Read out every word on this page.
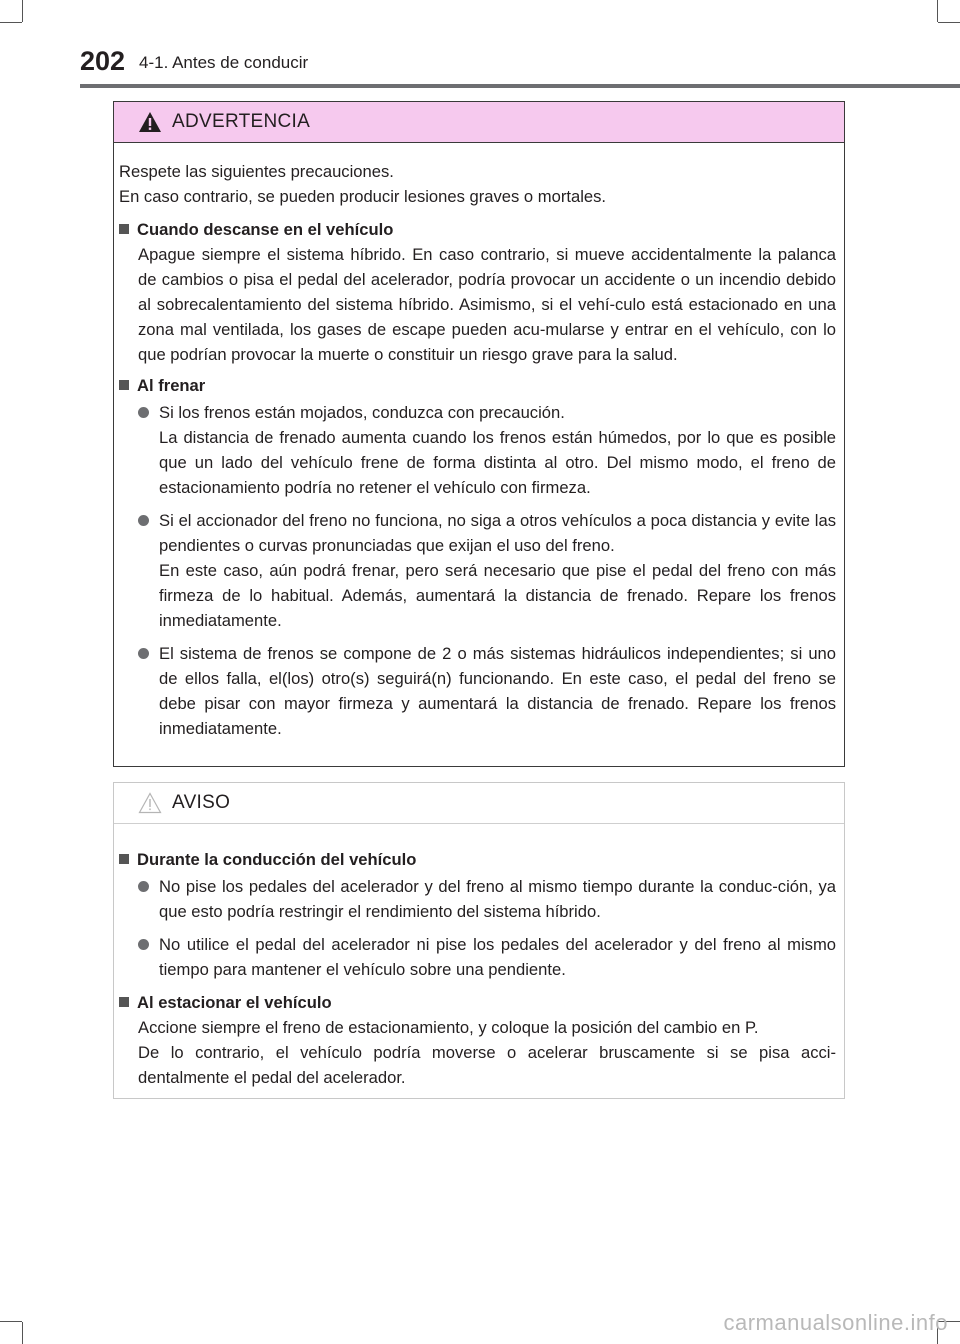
202 4-1. Antes de conducir
ADVERTENCIA

Respete las siguientes precauciones.
En caso contrario, se pueden producir lesiones graves o mortales.

Cuando descanse en el vehículo

Apague siempre el sistema híbrido. En caso contrario, si mueve accidentalmente la palanca de cambios o pisa el pedal del acelerador, podría provocar un accidente o un incendio debido al sobrecalentamiento del sistema híbrido. Asimismo, si el vehí-culo está estacionado en una zona mal ventilada, los gases de escape pueden acu-mularse y entrar en el vehículo, con lo que podrían provocar la muerte o constituir un riesgo grave para la salud.

Al frenar
Si los frenos están mojados, conduzca con precaución.
La distancia de frenado aumenta cuando los frenos están húmedos, por lo que es posible que un lado del vehículo frene de forma distinta al otro. Del mismo modo, el freno de estacionamiento podría no retener el vehículo con firmeza.
Si el accionador del freno no funciona, no siga a otros vehículos a poca distancia y evite las pendientes o curvas pronunciadas que exijan el uso del freno.
En este caso, aún podrá frenar, pero será necesario que pise el pedal del freno con más firmeza de lo habitual. Además, aumentará la distancia de frenado. Repare los frenos inmediatamente.
El sistema de frenos se compone de 2 o más sistemas hidráulicos independientes; si uno de ellos falla, el(los) otro(s) seguirá(n) funcionando. En este caso, el pedal del freno se debe pisar con mayor firmeza y aumentará la distancia de frenado. Repare los frenos inmediatamente.
AVISO
Durante la conducción del vehículo
No pise los pedales del acelerador y del freno al mismo tiempo durante la conduc-ción, ya que esto podría restringir el rendimiento del sistema híbrido.
No utilice el pedal del acelerador ni pise los pedales del acelerador y del freno al mismo tiempo para mantener el vehículo sobre una pendiente.
Al estacionar el vehículo

Accione siempre el freno de estacionamiento, y coloque la posición del cambio en P.
De lo contrario, el vehículo podría moverse o acelerar bruscamente si se pisa acci-dentalmente el pedal del acelerador.

carmanualsonline.info
